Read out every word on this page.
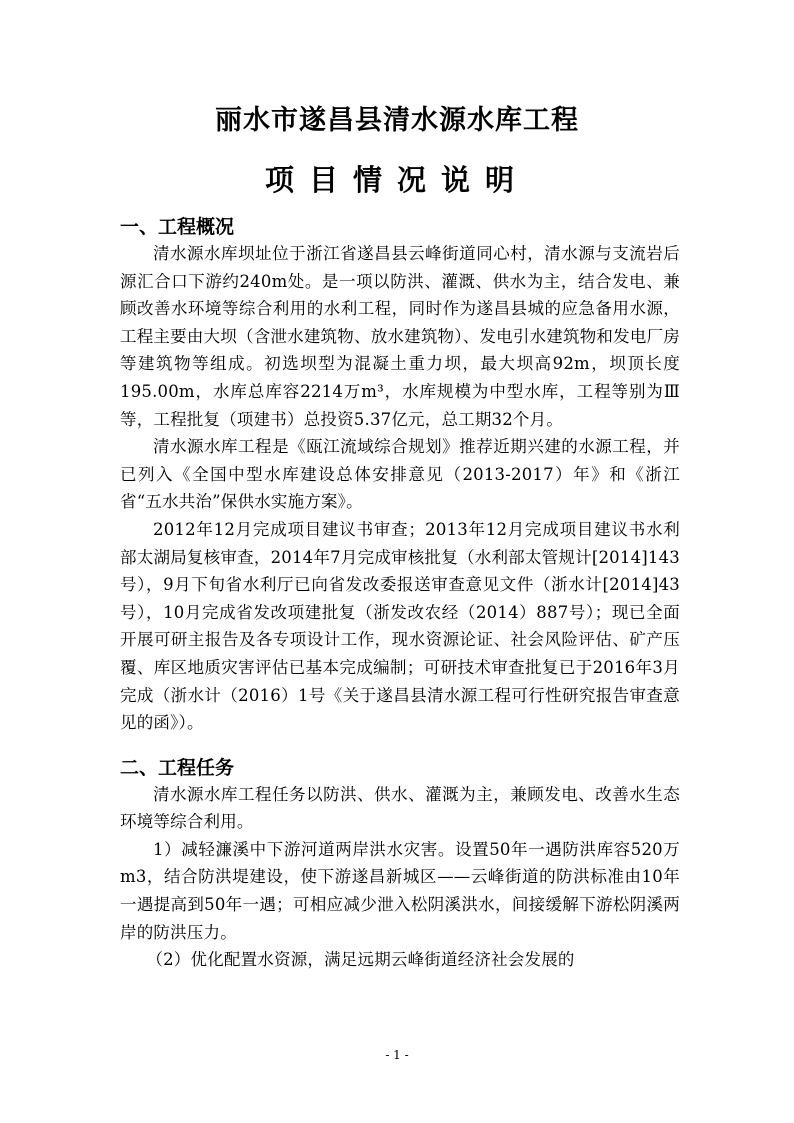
丽水市遂昌县清水源水库工程
项目情况说明

一、工程概况

清水源水库坝址位于浙江省遂昌县云峰街道同心村，清水源与支流岩后源汇合口下游约240m处。是一项以防洪、灌溉、供水为主，结合发电、兼顾改善水环境等综合利用的水利工程，同时作为遂昌县城的应急备用水源，工程主要由大坝（含泄水建筑物、放水建筑物）、发电引水建筑物和发电厂房等建筑物等组成。初选坝型为混凝土重力坝，最大坝高92m，坝顶长度195.00m，水库总库容2214万m³，水库规模为中型水库，工程等别为Ⅲ等，工程批复（项建书）总投资5.37亿元，总工期32个月。

清水源水库工程是《瓯江流域综合规划》推荐近期兴建的水源工程，并已列入《全国中型水库建设总体安排意见（2013-2017）年》和《浙江省“五水共治”保供水实施方案》。

2012年12月完成项目建议书审查；2013年12月完成项目建议书水利部太湖局复核审查，2014年7月完成审核批复（水利部太管规计[2014]143号），9月下旬省水利厅已向省发改委报送审查意见文件（浙水计[2014]43号），10月完成省发改项建批复（浙发改农经（2014）887号）；现已全面开展可研主报告及各专项设计工作，现水资源论证、社会风险评估、矿产压覆、库区地质灾害评估已基本完成编制；可研技术审查批复已于2016年3月完成（浙水计（2016）1号《关于遂昌县清水源工程可行性研究报告审查意见的函》）。

二、工程任务

清水源水库工程任务以防洪、供水、灌溉为主，兼顾发电、改善水生态环境等综合利用。

1）减轻濂溪中下游河道两岸洪水灾害。设置50年一遇防洪库容520万m3，结合防洪堤建设，使下游遂昌新城区——云峰街道的防洪标准由10年一遇提高到50年一遇；可相应减少泄入松阴溪洪水，间接缓解下游松阴溪两岸的防洪压力。

（2）优化配置水资源，满足远期云峰街道经济社会发展的

- 1 -
